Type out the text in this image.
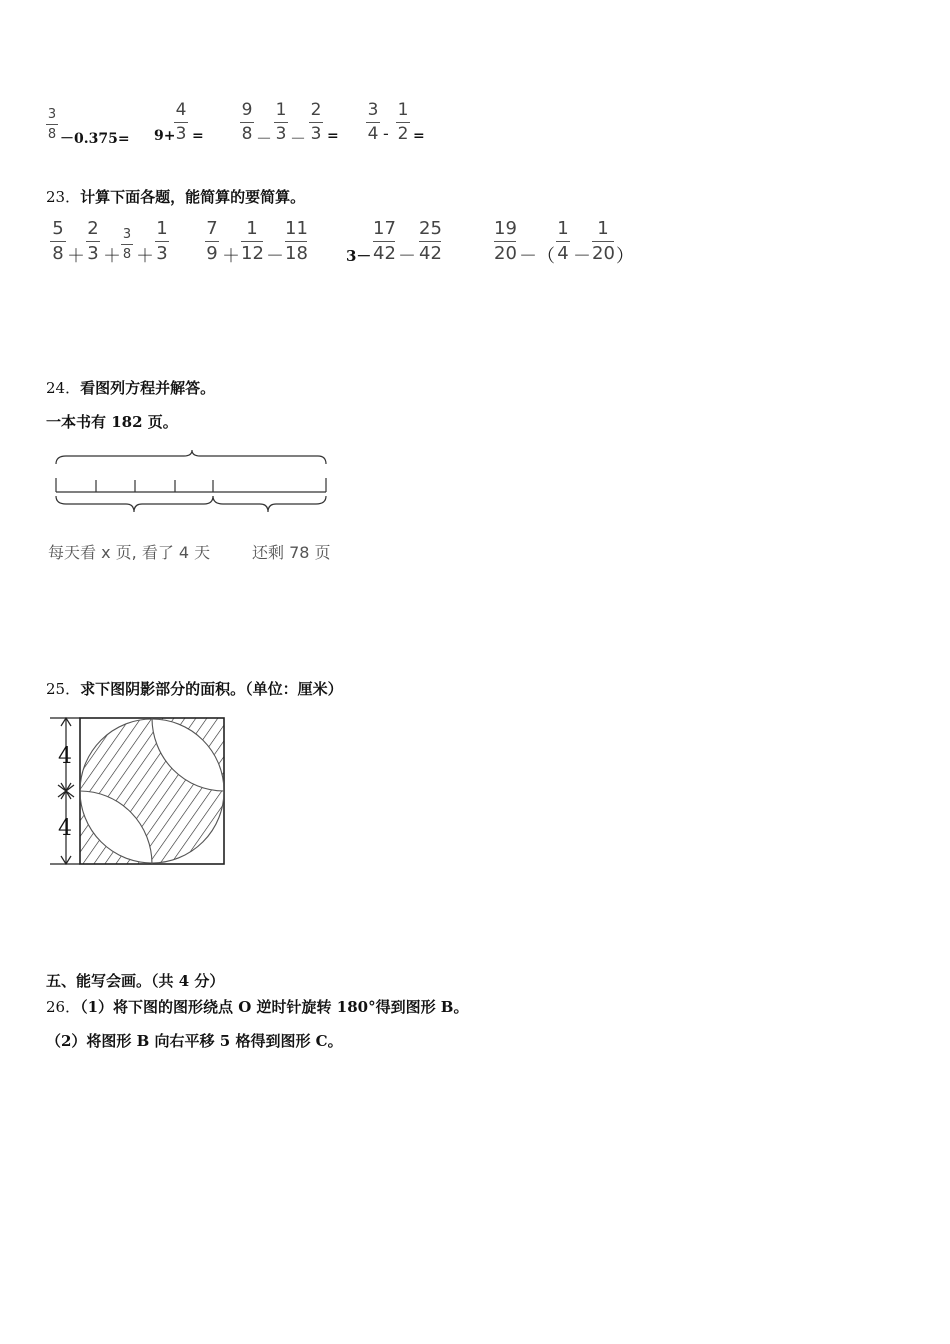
3
8 －0.375= 9+
4
3 =
9
8 －
1
3 －
2
3 =
3
4 -
1
2 =
23．计算下面各题，能简算的要简算。
5
8 ＋
2
3 ＋
3
8 ＋
1
3
7
9 ＋
1
12 －
11
18	3－
17
42 －
25
42
19
20 －（
1
4 －
1
20 ）
24．看图列方程并解答。
一本书有 182 页。
每天看 x 页, 看了 4 天	还剩 78 页
25．求下图阴影部分的面积。（单位：厘米）
4
4
五、能写会画。（共 4 分）
26．（1）将下图的图形绕点 O 逆时针旋转 180°得到图形 B。
（2）将图形 B 向右平移 5 格得到图形 C。
